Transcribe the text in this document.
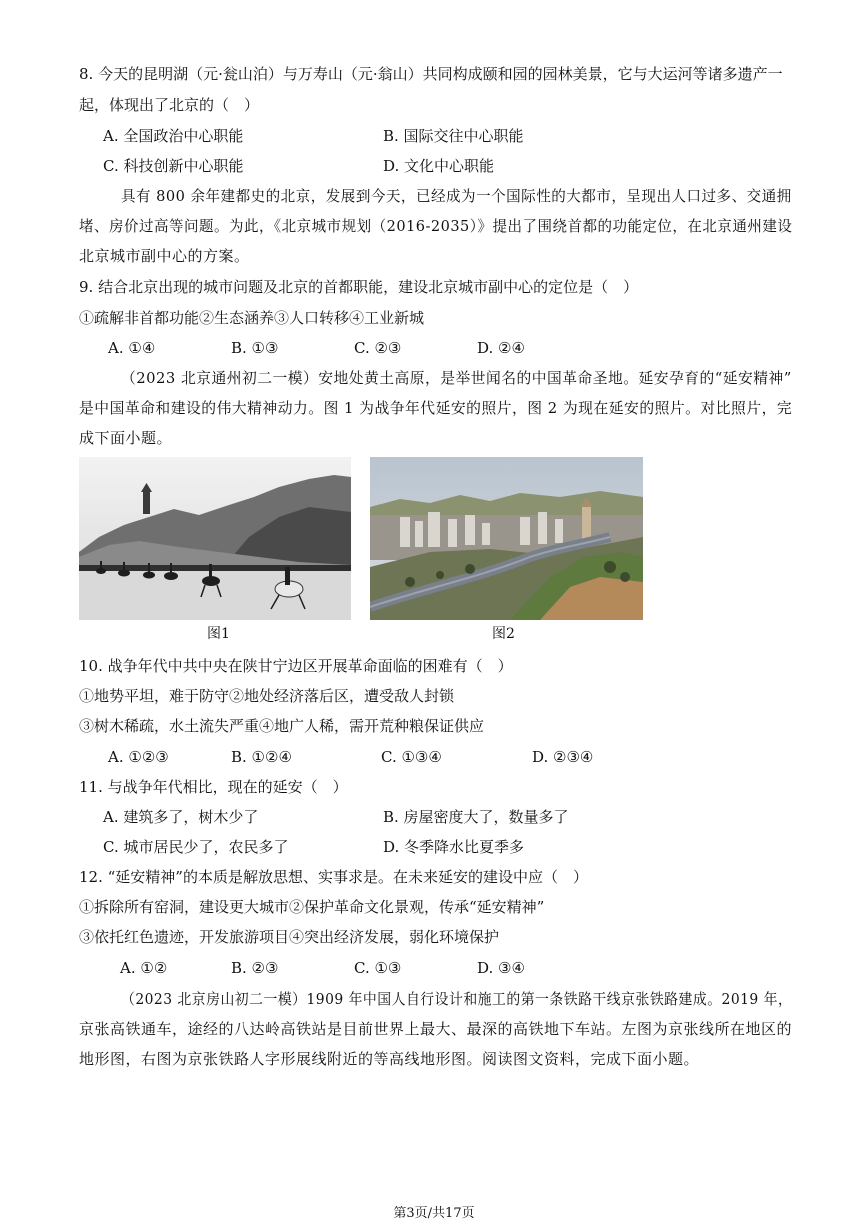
8. 今天的昆明湖（元·瓮山泊）与万寿山（元·翁山）共同构成颐和园的园林美景，它与大运河等诸多遗产一
起，体现出了北京的（　）
A. 全国政治中心职能	B. 国际交往中心职能
C. 科技创新中心职能	D. 文化中心职能
具有 800 余年建都史的北京，发展到今天，已经成为一个国际性的大都市，呈现出人口过多、交通拥
堵、房价过高等问题。为此，《北京城市规划（2016-2035）》提出了围绕首都的功能定位，在北京通州建设
北京城市副中心的方案。
9. 结合北京出现的城市问题及北京的首都职能，建设北京城市副中心的定位是（　）
①疏解非首都功能②生态涵养③人口转移④工业新城
A. ①④	B. ①③	C. ②③	D. ②④
（2023 北京通州初二一模）安地处黄土高原，是举世闻名的中国革命圣地。延安孕育的“延安精神”
是中国革命和建设的伟大精神动力。图 1 为战争年代延安的照片，图 2 为现在延安的照片。对比照片，完
成下面小题。
图1	图2
10. 战争年代中共中央在陕甘宁边区开展革命面临的困难有（　）
①地势平坦，难于防守②地处经济落后区，遭受敌人封锁
③树木稀疏，水土流失严重④地广人稀，需开荒种粮保证供应
A. ①②③	B. ①②④	C. ①③④	D. ②③④
11. 与战争年代相比，现在的延安（　）
A. 建筑多了，树木少了	B. 房屋密度大了，数量多了
C. 城市居民少了，农民多了	D. 冬季降水比夏季多
12. “延安精神”的本质是解放思想、实事求是。在未来延安的建设中应（　）
①拆除所有窑洞，建设更大城市②保护革命文化景观，传承“延安精神”
③依托红色遗迹，开发旅游项目④突出经济发展，弱化环境保护
A. ①②	B. ②③	C. ①③	D. ③④
（2023 北京房山初二一模）1909 年中国人自行设计和施工的第一条铁路干线京张铁路建成。2019 年，
京张高铁通车，途经的八达岭高铁站是目前世界上最大、最深的高铁地下车站。左图为京张线所在地区的
地形图，右图为京张铁路人字形展线附近的等高线地形图。阅读图文资料，完成下面小题。
第3页/共17页
